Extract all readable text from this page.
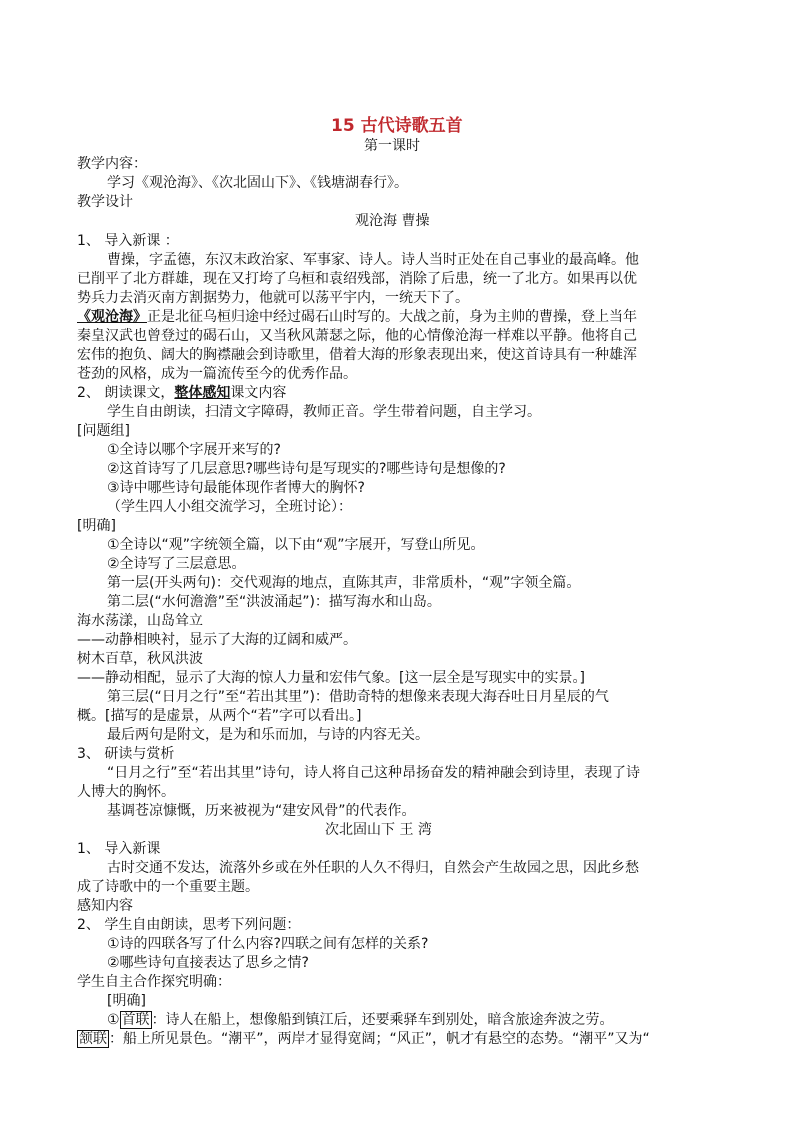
15 古代诗歌五首
第一课时
教学内容：
学习《观沧海》、《次北固山下》、《钱塘湖春行》。
教学设计
观沧海 曹操
1、 导入新课 ：
曹操，字孟德，东汉末政治家、军事家、诗人。诗人当时正处在自己事业的最高峰。他
已削平了北方群雄，现在又打垮了乌桓和袁绍残部，消除了后患，统一了北方。如果再以优
势兵力去消灭南方割据势力，他就可以荡平宇内，一统天下了。
《观沧海》正是北征乌桓归途中经过碣石山时写的。大战之前，身为主帅的曹操，登上当年
秦皇汉武也曾登过的碣石山，又当秋风萧瑟之际，他的心情像沧海一样难以平静。他将自己
宏伟的抱负、阔大的胸襟融会到诗歌里，借着大海的形象表现出来，使这首诗具有一种雄浑
苍劲的风格，成为一篇流传至今的优秀作品。
2、 朗读课文，整体感知课文内容
学生自由朗读，扫清文字障碍，教师正音。学生带着问题，自主学习。
[问题组]
①全诗以哪个字展开来写的?
②这首诗写了几层意思?哪些诗句是写现实的?哪些诗句是想像的?
③诗中哪些诗句最能体现作者博大的胸怀?
（学生四人小组交流学习，全班讨论）：
[明确]
①全诗以“观”字统领全篇，以下由“观”字展开，写登山所见。
②全诗写了三层意思。
第一层(开头两句)：交代观海的地点，直陈其声，非常质朴，“观”字领全篇。
第二层(“水何澹澹”至“洪波涌起”)：描写海水和山岛。
海水荡漾，山岛耸立
——动静相映衬，显示了大海的辽阔和威严。
树木百草，秋风洪波
——静动相配，显示了大海的惊人力量和宏伟气象。[这一层全是写现实中的实景。]
第三层(“日月之行”至“若出其里”)：借助奇特的想像来表现大海吞吐日月星辰的气
概。[描写的是虚景，从两个“若”字可以看出。]
最后两句是附文，是为和乐而加，与诗的内容无关。
3、 研读与赏析
“日月之行”至“若出其里”诗句，诗人将自己这种昂扬奋发的精神融会到诗里，表现了诗
人博大的胸怀。
基调苍凉慷慨，历来被视为“建安风骨”的代表作。
次北固山下 王 湾
1、 导入新课
古时交通不发达，流落外乡或在外任职的人久不得归，自然会产生故园之思，因此乡愁
成了诗歌中的一个重要主题。
感知内容
2、 学生自由朗读，思考下列问题：
①诗的四联各写了什么内容?四联之间有怎样的关系?
②哪些诗句直接表达了思乡之情?
学生自主合作探究明确：
[明确]
① 首联 ：诗人在船上，想像船到镇江后，还要乘驿车到别处，暗含旅途奔波之劳。
颔联 ：船上所见景色。“潮平”，两岸才显得宽阔；“风正”，帆才有悬空的态势。“潮平”又为“
